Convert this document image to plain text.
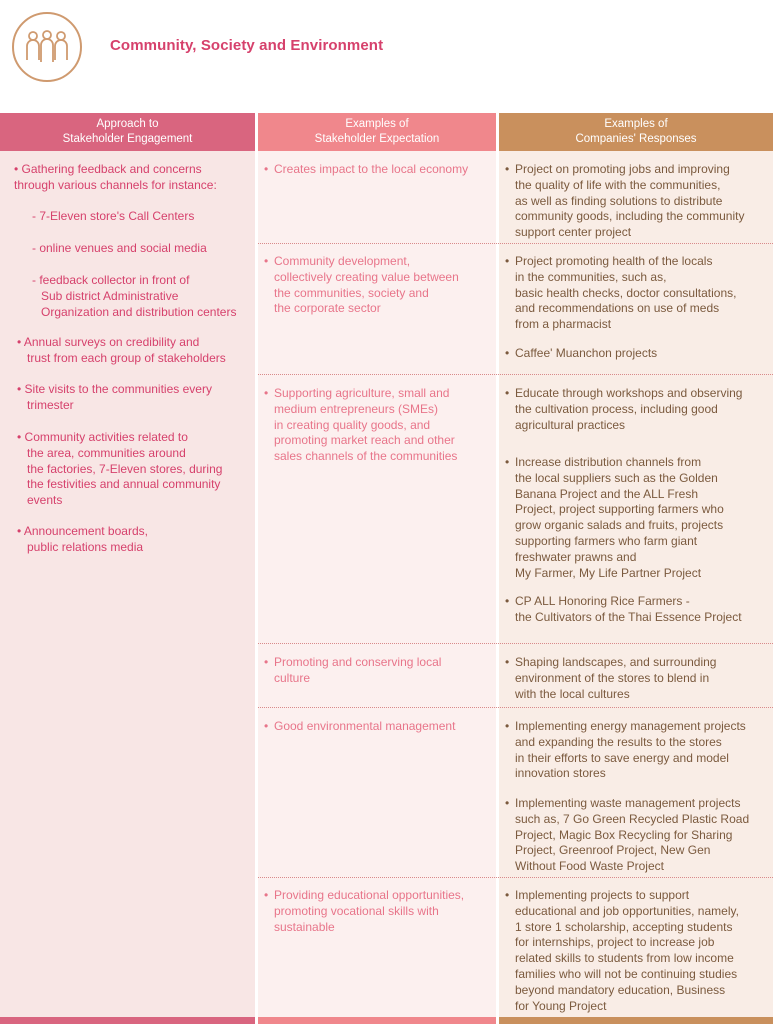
Community, Society and Environment
Approach to
Stakeholder Engagement
Examples of
Stakeholder Expectation
Examples of
Companies' Responses
• Gathering feedback and concerns
through various channels for instance:
- 7-Eleven store's Call Centers
- online venues and social media
- feedback collector in front of
Sub district Administrative
Organization and distribution centers
• Annual surveys on credibility and
trust from each group of stakeholders
• Site visits to the communities every
trimester
• Community activities related to
the area, communities around
the factories, 7-Eleven stores, during
the festivities and annual community
events
• Announcement boards,
public relations media
• Creates impact to the local economy	• Project on promoting jobs and improving
the quality of life with the communities,
as well as finding solutions to distribute
community goods, including the community
support center project
• Community development,
collectively creating value between
the communities, society and
the corporate sector
• Project promoting health of the locals
in the communities, such as,
basic health checks, doctor consultations,
and recommendations on use of meds
from a pharmacist
• Caffee' Muanchon projects
• Supporting agriculture, small and
medium entrepreneurs (SMEs)
in creating quality goods, and
promoting market reach and other
sales channels of the communities
• Educate through workshops and observing
the cultivation process, including good
agricultural practices
• Increase distribution channels from
the local suppliers such as the Golden
Banana Project and the ALL Fresh
Project, project supporting farmers who
grow organic salads and fruits, projects
supporting farmers who farm giant
freshwater prawns and
My Farmer, My Life Partner Project
• CP ALL Honoring Rice Farmers -
the Cultivators of the Thai Essence Project
• Promoting and conserving local
culture
• Shaping landscapes, and surrounding
environment of the stores to blend in
with the local cultures
• Good environmental management	• Implementing energy management projects
and expanding the results to the stores
in their efforts to save energy and model
innovation stores
• Implementing waste management projects
such as, 7 Go Green Recycled Plastic Road
Project, Magic Box Recycling for Sharing
Project, Greenroof Project, New Gen
Without Food Waste Project
• Providing educational opportunities,
promoting vocational skills with
sustainable
• Implementing projects to support
educational and job opportunities, namely,
1 store 1 scholarship, accepting students
for internships, project to increase job
related skills to students from low income
families who will not be continuing studies
beyond mandatory education, Business
for Young Project
